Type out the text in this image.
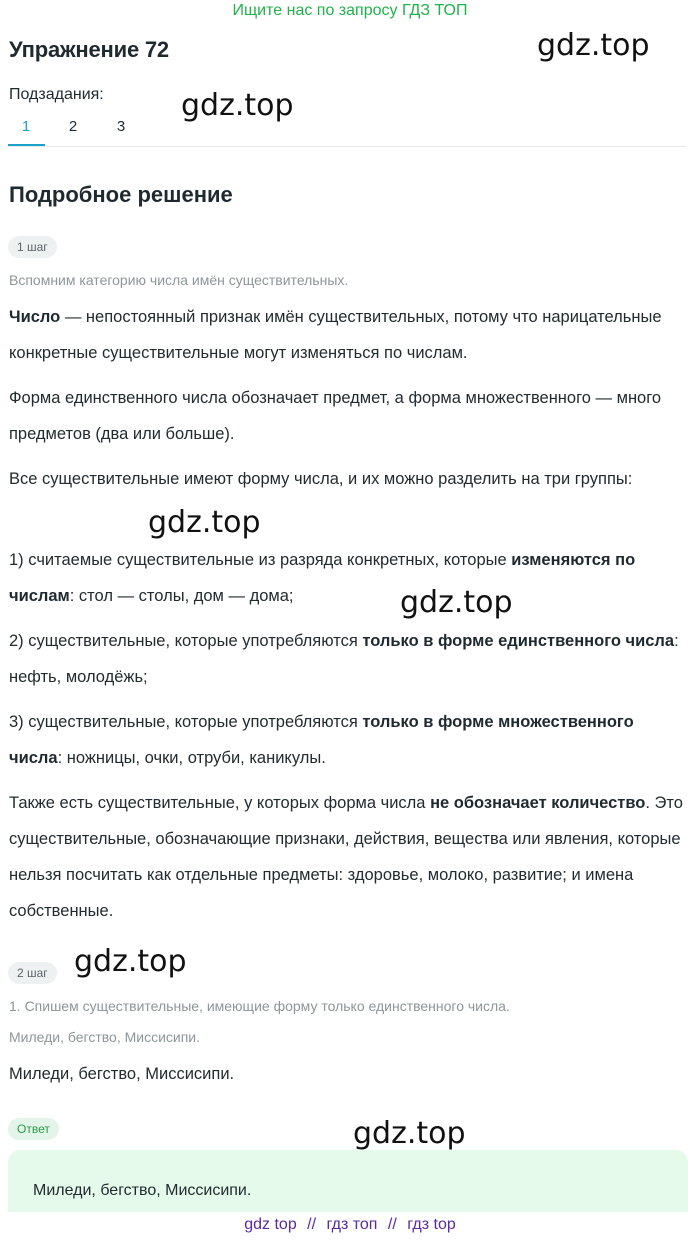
Ищите нас по запросу ГДЗ ТОП
Упражнение 72
Подзадания:
1	2	3
Подробное решение
1 шаг
Вспомним категорию числа имён существительных.
Число — непостоянный признак имён существительных, потому что нарицательные конкретные существительные могут изменяться по числам.
Форма единственного числа обозначает предмет, а форма множественного — много предметов (два или больше).
Все существительные имеют форму числа, и их можно разделить на три группы:
1) считаемые существительные из разряда конкретных, которые изменяются по числам: стол — столы, дом — дома;
2) существительные, которые употребляются только в форме единственного числа: нефть, молодёжь;
3) существительные, которые употребляются только в форме множественного числа: ножницы, очки, отруби, каникулы.
Также есть существительные, у которых форма числа не обозначает количество. Это существительные, обозначающие признаки, действия, вещества или явления, которые нельзя посчитать как отдельные предметы: здоровье, молоко, развитие; и имена собственные.
2 шаг
1. Спишем существительные, имеющие форму только единственного числа.
Миледи, бегство, Миссисипи.
Миледи, бегство, Миссисипи.
Ответ
Миледи, бегство, Миссисипи.
gdz.top
gdz.top
gdz.top
gdz.top
gdz.top
gdz.top
gdz top // гдз топ // гдз top
